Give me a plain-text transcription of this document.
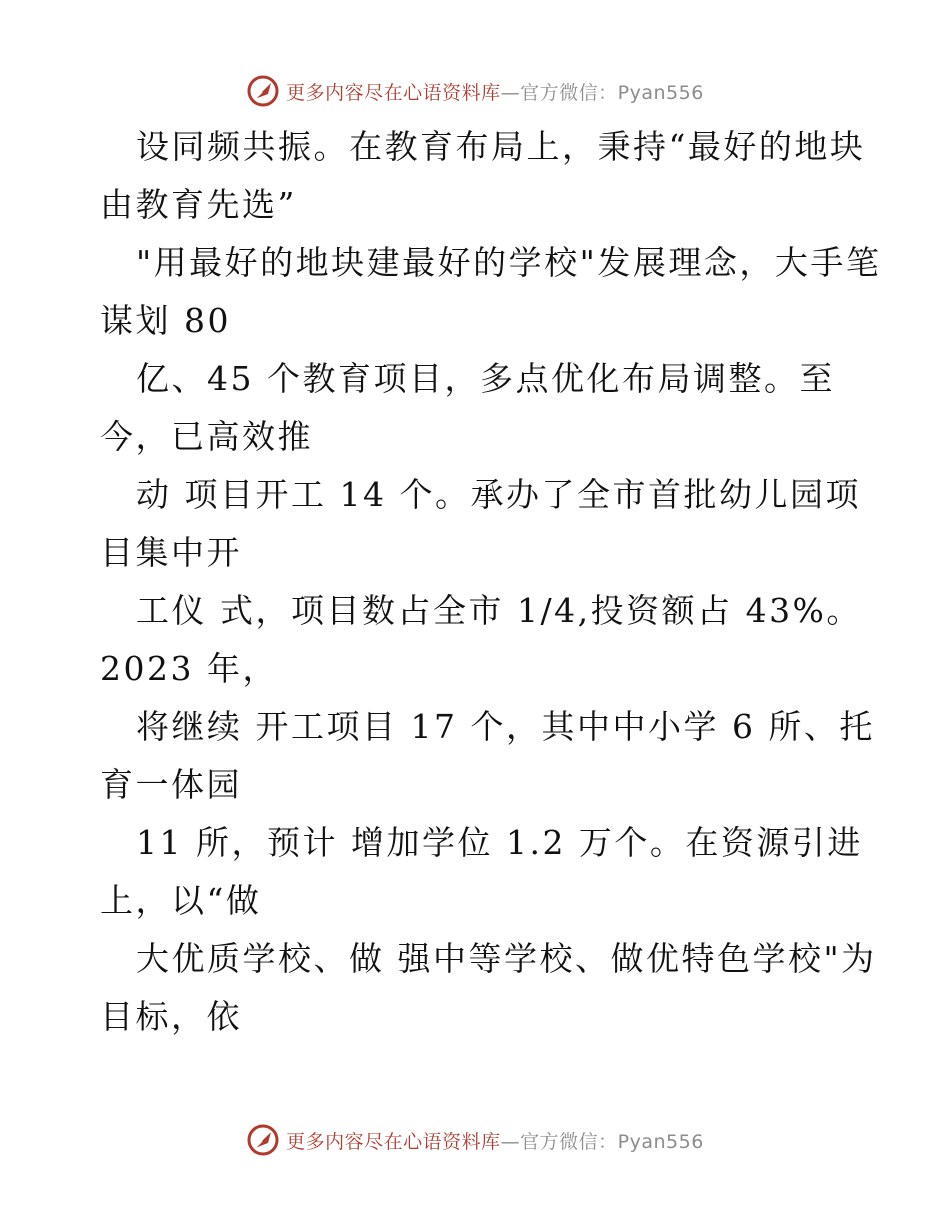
更多内容尽在心语资料库—官方微信：Pyan556
设同频共振。在教育布局上，秉持“最好的地块
由教育先选”
"用最好的地块建最好的学校"发展理念，大手笔
谋划 80
亿、45 个教育项目，多点优化布局调整。至
今，已高效推
动 项目开工 14 个。承办了全市首批幼儿园项
目集中开
工仪 式，项目数占全市 1/4,投资额占 43%。
2023 年，
将继续 开工项目 17 个，其中中小学 6 所、托
育一体园
11 所，预计 增加学位 1.2 万个。在资源引进
上，以“做
大优质学校、做 强中等学校、做优特色学校"为
目标，依
更多内容尽在心语资料库—官方微信：Pyan556
